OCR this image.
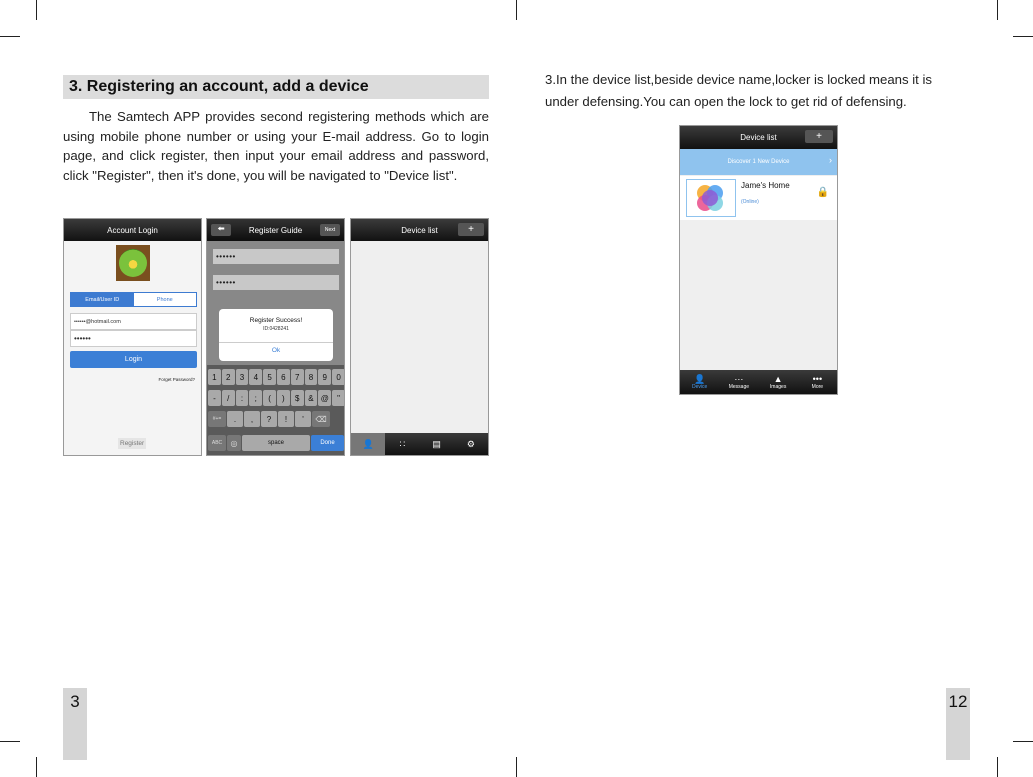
3. Registering an account, add a device

The Samtech APP provides second registering methods which are using mobile phone number or using your E-mail address. Go to login page, and click register, then input your email address and password, click "Register", then it's done, you will be navigated to "Device list".

Account Login
Email/User ID	Phone
••••••@hotmail.com
••••••
Login
Forget Password?
Register
Register Guide
🠰	Next
••••••
••••••
Register Success!
ID:0428241
Ok
1	2	3	4	5	6	7	8	9	0
-	/	:	;	(	)	$	& @	"
#+=	.	,	?	!	'	⌫
ABC	◎	space	Done
Device list	+
👤	∷	▤	⚙

3.In the device list,beside device name,locker is locked means it is under defensing.You can open the lock to get rid of defensing.

Device list	+
Discover 1 New Device	›
Jame's Home
(Online)
🔒
👤
Device
⋯
Message
▲
Images
•••
More
3	12
